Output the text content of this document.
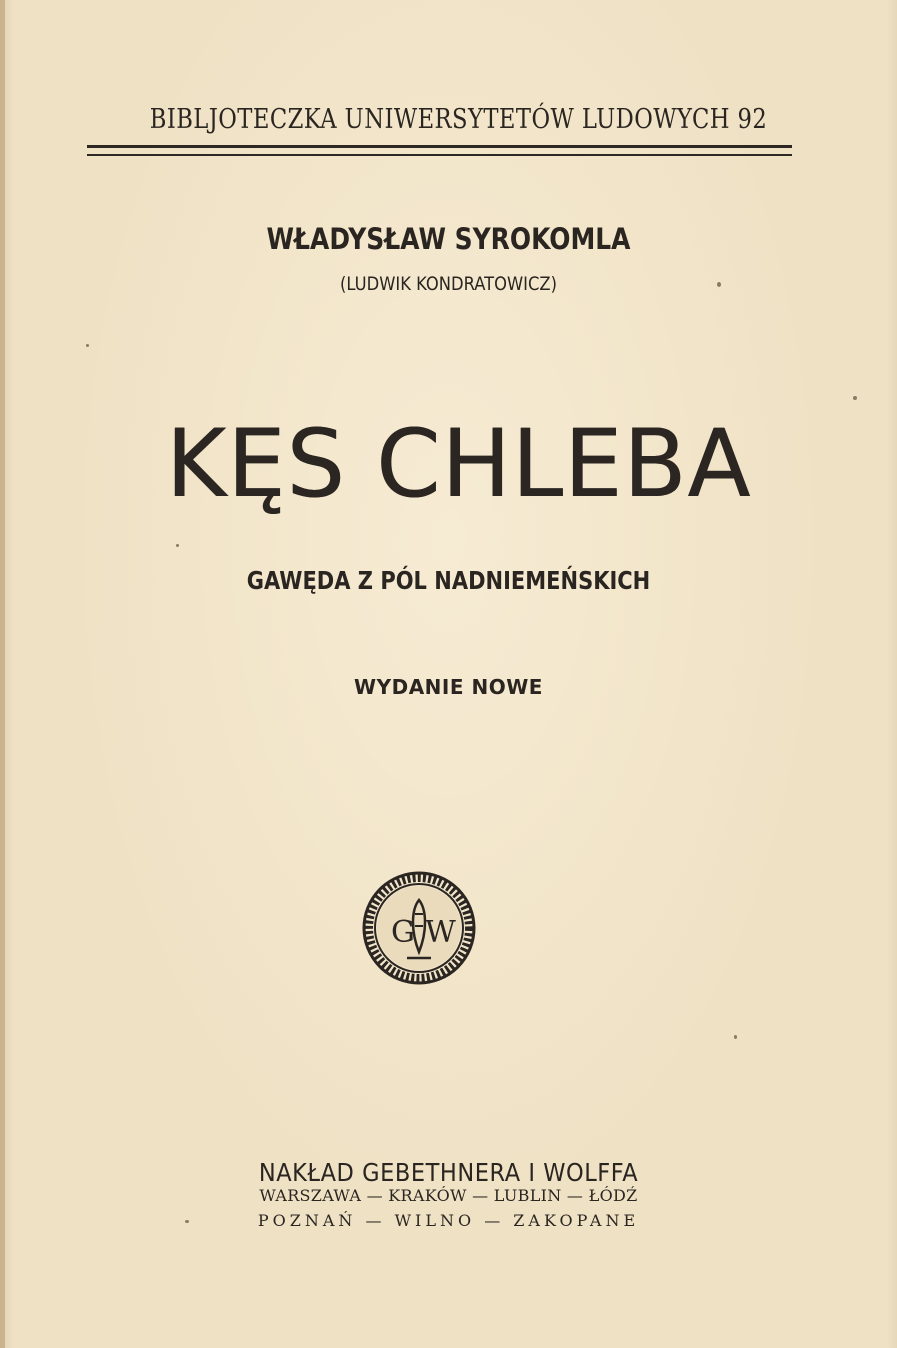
BIBLJOTECZKA UNIWERSYTETÓW LUDOWYCH 92
WŁADYSŁAW SYROKOMLA
(LUDWIK KONDRATOWICZ)
KĘS CHLEBA
GAWĘDA Z PÓL NADNIEMEŃSKICH
WYDANIE NOWE
G W
NAKŁAD GEBETHNERA I WOLFFA
WARSZAWA — KRAKÓW — LUBLIN — ŁÓDŹ
POZNAŃ — WILNO — ZAKOPANE
